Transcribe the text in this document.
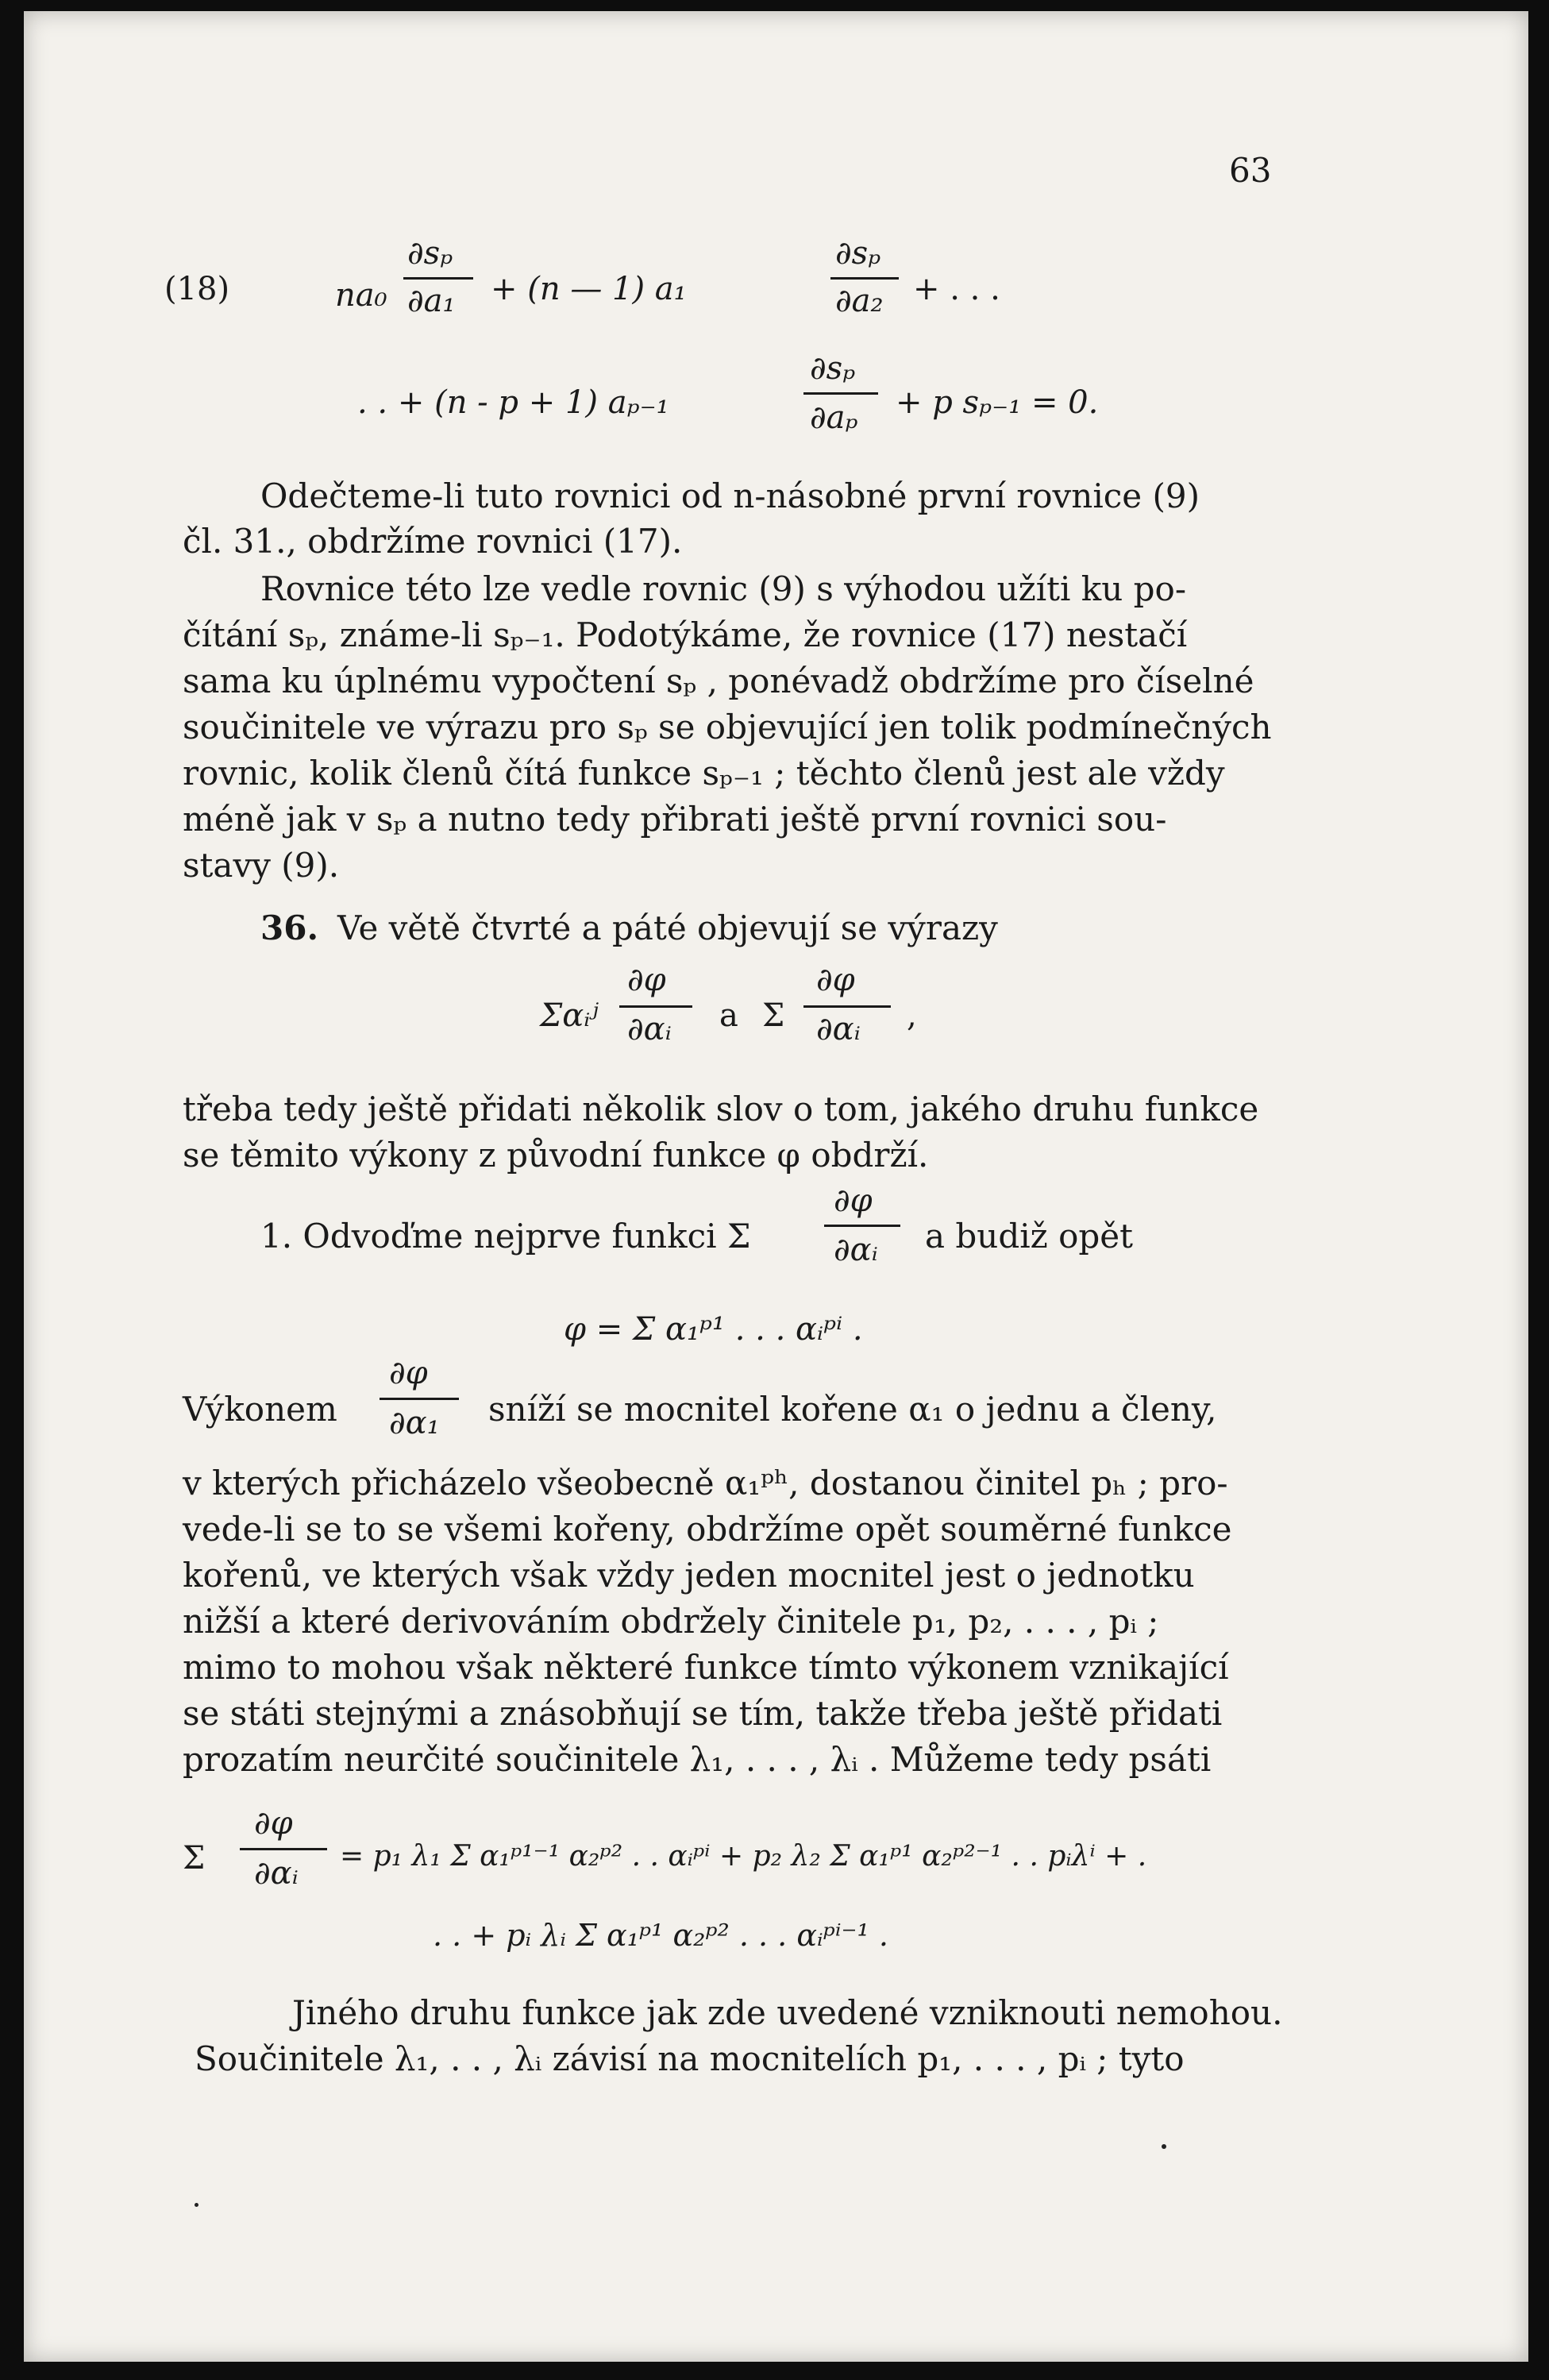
63
(18)	na₀
∂sₚ
∂a₁ + (n — 1) a₁
∂sₚ
∂a₂ + . . .
. . + (n - p + 1) aₚ₋₁
∂sₚ
∂aₚ + p sₚ₋₁ = 0.
Odečteme-li tuto rovnici od n-násobné první rovnice (9)
čl. 31., obdržíme rovnici (17).
Rovnice této lze vedle rovnic (9) s výhodou užíti ku po-
čítání sₚ, známe-li sₚ₋₁. Podotýkáme, že rovnice (17) nestačí
sama ku úplnému vypočtení sₚ , ponévadž obdržíme pro číselné
součinitele ve výrazu pro sₚ se objevující jen tolik podmínečných
rovnic, kolik členů čítá funkce sₚ₋₁ ; těchto členů jest ale vždy
méně jak v sₚ a nutno tedy přibrati ještě první rovnici sou-
stavy (9).
36. Ve větě čtvrté a páté objevují se výrazy
Σαᵢʲ
∂φ
∂αᵢ a Σ
∂φ
∂αᵢ ,
třeba tedy ještě přidati několik slov o tom, jakého druhu funkce
se těmito výkony z původní funkce φ obdrží.
1. Odvoďme nejprve funkci Σ
∂φ
∂αᵢ a budiž opět
φ = Σ α₁ᵖ¹ . . . αᵢᵖⁱ .
Výkonem
∂φ
∂α₁ sníží se mocnitel kořene α₁ o jednu a členy,
v kterých přicházelo všeobecně α₁ᵖʰ, dostanou činitel pₕ ; pro-
vede-li se to se všemi kořeny, obdržíme opět souměrné funkce
kořenů, ve kterých však vždy jeden mocnitel jest o jednotku
nižší a které derivováním obdržely činitele p₁, p₂, . . . , pᵢ ;
mimo to mohou však některé funkce tímto výkonem vznikající
se státi stejnými a znásobňují se tím, takže třeba ještě přidati
prozatím neurčité součinitele λ₁, . . . , λᵢ . Můžeme tedy psáti
Σ
∂φ
∂αᵢ = p₁ λ₁ Σ α₁ᵖ¹⁻¹ α₂ᵖ² . . αᵢᵖⁱ + p₂ λ₂ Σ α₁ᵖ¹ α₂ᵖ²⁻¹ . . pᵢλⁱ + .
. . + pᵢ λᵢ Σ α₁ᵖ¹ α₂ᵖ² . . . αᵢᵖⁱ⁻¹ .
Jiného druhu funkce jak zde uvedené vzniknouti nemohou.
Součinitele λ₁, . . , λᵢ závisí na mocnitelích p₁, . . . , pᵢ ; tyto
